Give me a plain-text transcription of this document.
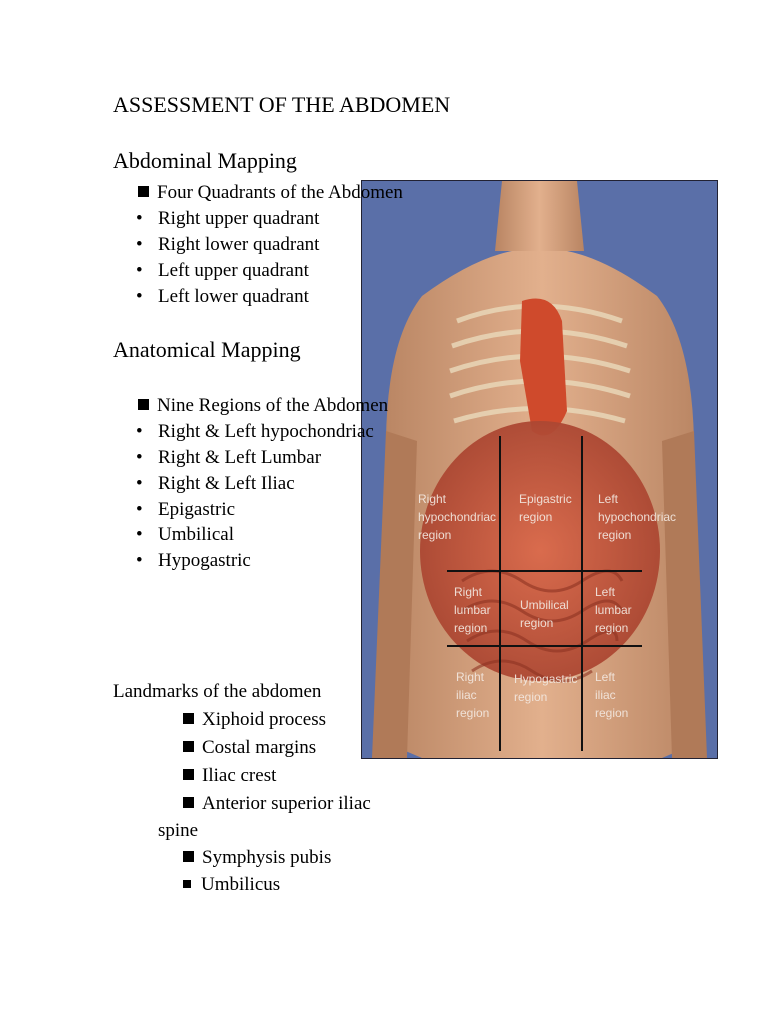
ASSESSMENT OF THE ABDOMEN
Abdominal Mapping
Right hypochondriac region
Epigastric region
Left hypochondriac region
Right lumbar region
Umbilical region
Left lumbar region
Right iliac region
Hypogastric region
Left iliac region
Four Quadrants of the Abdomen
• Right upper quadrant
• Right lower quadrant
• Left upper quadrant
• Left lower quadrant
Anatomical Mapping
Nine Regions of the Abdomen
• Right & Left hypochondriac
• Right & Left Lumbar
• Right & Left Iliac
• Epigastric
• Umbilical
• Hypogastric
Landmarks of the abdomen
Xiphoid process
Costal margins
Iliac crest
Anterior superior iliac
spine
Symphysis pubis
Umbilicus
